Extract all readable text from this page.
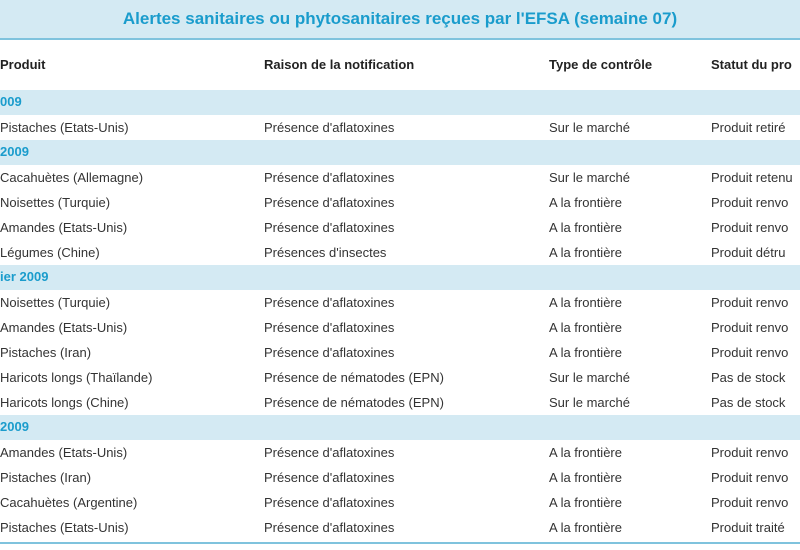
Alertes sanitaires ou phytosanitaires reçues par l'EFSA (semaine 07)
Produit	Raison de la notification	Type de contrôle	Statut du pro
009
Pistaches (Etats-Unis)	Présence d'aflatoxines	Sur le marché	Produit retiré
2009
Cacahuètes (Allemagne)	Présence d'aflatoxines	Sur le marché	Produit retenu
Noisettes (Turquie)	Présence d'aflatoxines	A la frontière	Produit renvo
Amandes (Etats-Unis)	Présence d'aflatoxines	A la frontière	Produit renvo
Légumes (Chine)	Présences d'insectes	A la frontière	Produit détru
ier 2009
Noisettes (Turquie)	Présence d'aflatoxines	A la frontière	Produit renvo
Amandes (Etats-Unis)	Présence d'aflatoxines	A la frontière	Produit renvo
Pistaches (Iran)	Présence d'aflatoxines	A la frontière	Produit renvo
Haricots longs (Thaïlande)	Présence de nématodes (EPN)	Sur le marché	Pas de stock
Haricots longs (Chine)	Présence de nématodes (EPN)	Sur le marché	Pas de stock
2009
Amandes (Etats-Unis)	Présence d'aflatoxines	A la frontière	Produit renvo
Pistaches (Iran)	Présence d'aflatoxines	A la frontière	Produit renvo
Cacahuètes (Argentine)	Présence d'aflatoxines	A la frontière	Produit renvo
Pistaches (Etats-Unis)	Présence d'aflatoxines	A la frontière	Produit traité
